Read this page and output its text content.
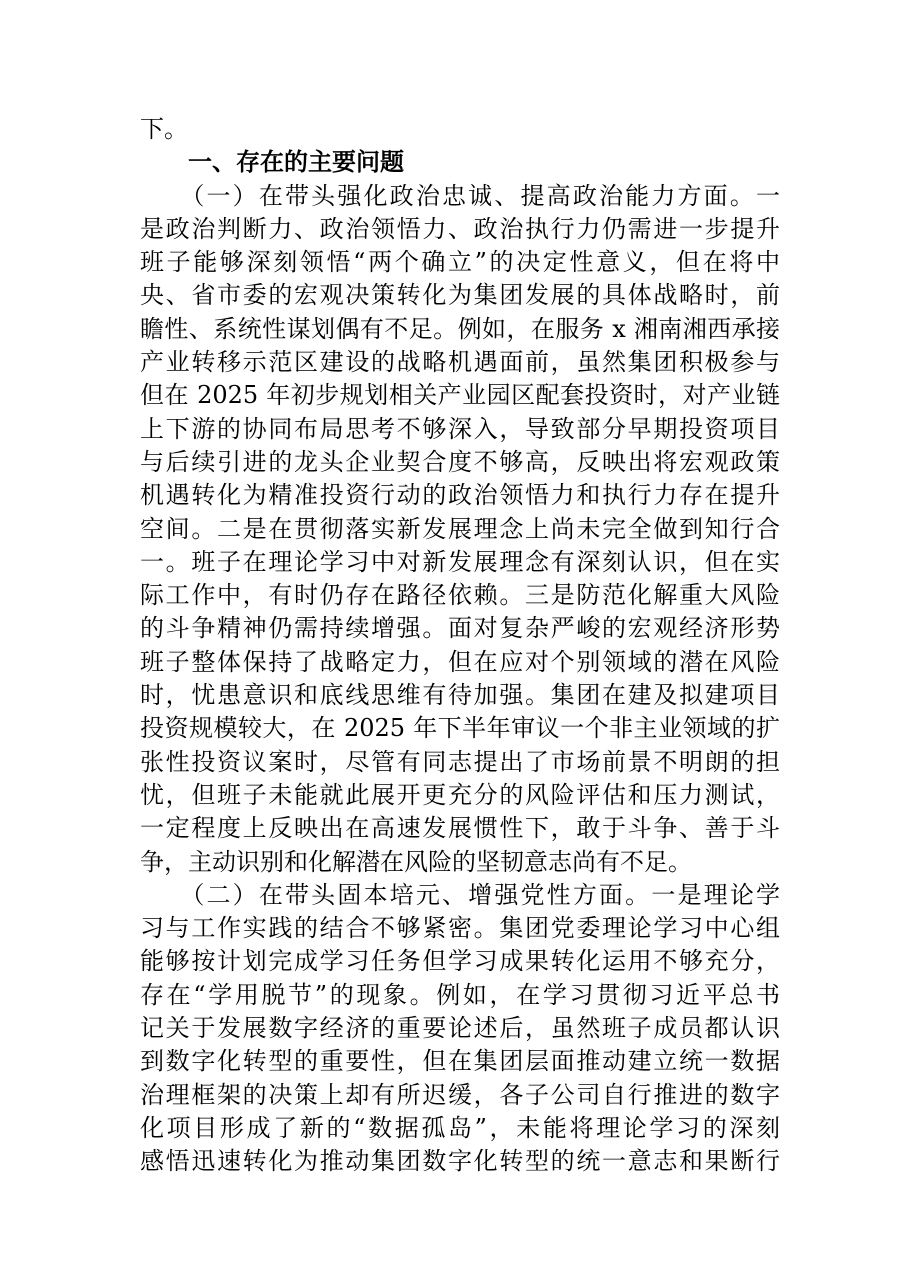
下。
　　一、存在的主要问题
　　（一）在带头强化政治忠诚、提高政治能力方面。一
是政治判断力、政治领悟力、政治执行力仍需进一步提升
班子能够深刻领悟“两个确立”的决定性意义，但在将中
央、省市委的宏观决策转化为集团发展的具体战略时，前
瞻性、系统性谋划偶有不足。例如，在服务 x 湘南湘西承接
产业转移示范区建设的战略机遇面前，虽然集团积极参与
但在 2025 年初步规划相关产业园区配套投资时，对产业链
上下游的协同布局思考不够深入，导致部分早期投资项目
与后续引进的龙头企业契合度不够高，反映出将宏观政策
机遇转化为精准投资行动的政治领悟力和执行力存在提升
空间。二是在贯彻落实新发展理念上尚未完全做到知行合
一。班子在理论学习中对新发展理念有深刻认识，但在实
际工作中，有时仍存在路径依赖。三是防范化解重大风险
的斗争精神仍需持续增强。面对复杂严峻的宏观经济形势
班子整体保持了战略定力，但在应对个别领域的潜在风险
时，忧患意识和底线思维有待加强。集团在建及拟建项目
投资规模较大，在 2025 年下半年审议一个非主业领域的扩
张性投资议案时，尽管有同志提出了市场前景不明朗的担
忧，但班子未能就此展开更充分的风险评估和压力测试，
一定程度上反映出在高速发展惯性下，敢于斗争、善于斗
争，主动识别和化解潜在风险的坚韧意志尚有不足。
　　（二）在带头固本培元、增强党性方面。一是理论学
习与工作实践的结合不够紧密。集团党委理论学习中心组
能够按计划完成学习任务但学习成果转化运用不够充分，
存在“学用脱节”的现象。例如，在学习贯彻习近平总书
记关于发展数字经济的重要论述后，虽然班子成员都认识
到数字化转型的重要性，但在集团层面推动建立统一数据
治理框架的决策上却有所迟缓，各子公司自行推进的数字
化项目形成了新的“数据孤岛”，未能将理论学习的深刻
感悟迅速转化为推动集团数字化转型的统一意志和果断行
